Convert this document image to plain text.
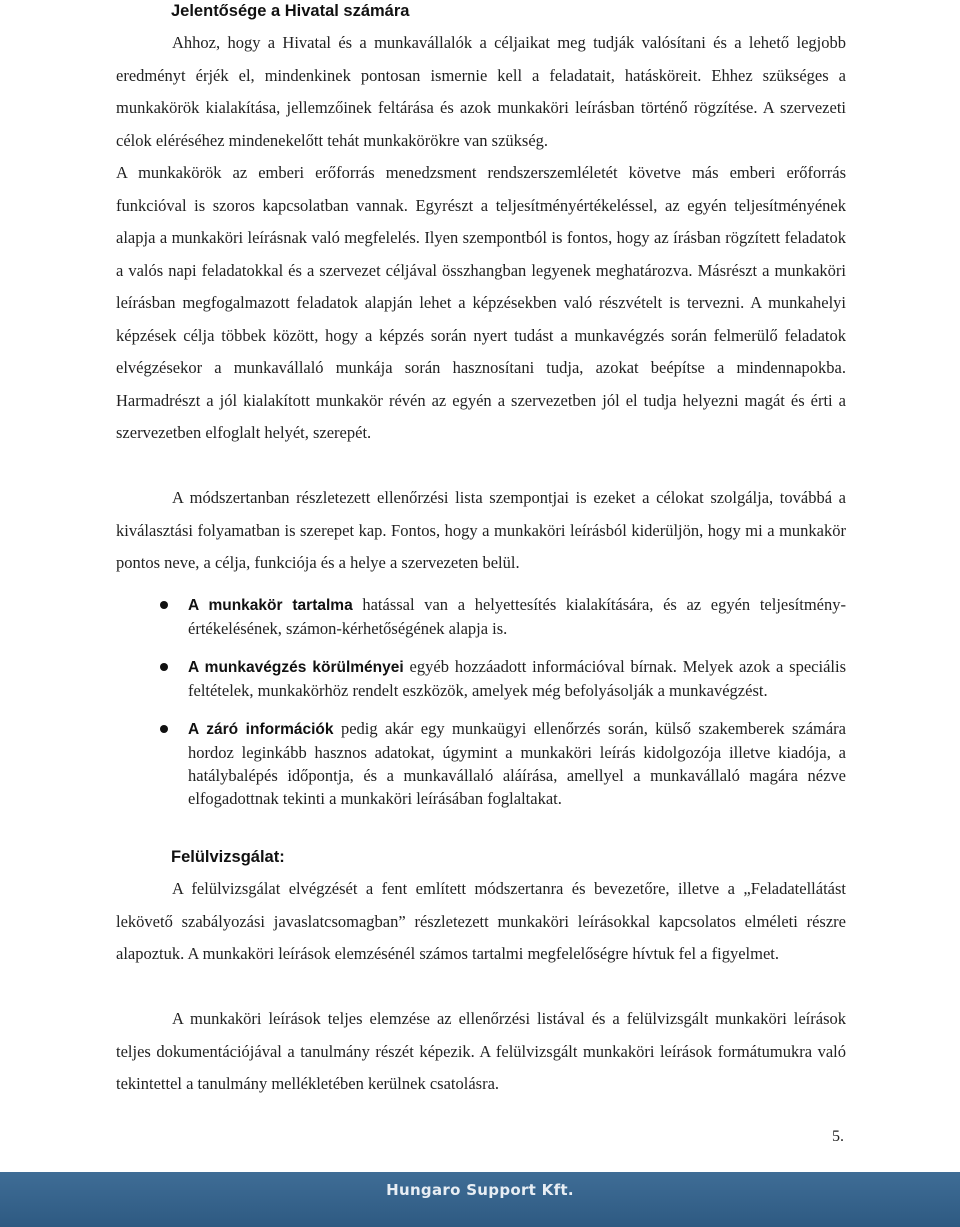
Jelentősége a Hivatal számára

Ahhoz, hogy a Hivatal és a munkavállalók a céljaikat meg tudják valósítani és a lehető legjobb eredményt érjék el, mindenkinek pontosan ismernie kell a feladatait, hatásköreit. Ehhez szükséges a munkakörök kialakítása, jellemzőinek feltárása és azok munkaköri leírásban történő rögzítése. A szervezeti célok eléréséhez mindenekelőtt tehát munkakörökre van szükség.

A munkakörök az emberi erőforrás menedzsment rendszerszemléletét követve más emberi erőforrás funkcióval is szoros kapcsolatban vannak. Egyrészt a teljesítményértékeléssel, az egyén teljesítményének alapja a munkaköri leírásnak való megfelelés. Ilyen szempontból is fontos, hogy az írásban rögzített feladatok a valós napi feladatokkal és a szervezet céljával összhangban legyenek meghatározva. Másrészt a munkaköri leírásban megfogalmazott feladatok alapján lehet a képzésekben való részvételt is tervezni. A munkahelyi képzések célja többek között, hogy a képzés során nyert tudást a munkavégzés során felmerülő feladatok elvégzésekor a munkavállaló munkája során hasznosítani tudja, azokat beépítse a mindennapokba. Harmadrészt a jól kialakított munkakör révén az egyén a szervezetben jól el tudja helyezni magát és érti a szervezetben elfoglalt helyét, szerepét.

A módszertanban részletezett ellenőrzési lista szempontjai is ezeket a célokat szolgálja, továbbá a kiválasztási folyamatban is szerepet kap. Fontos, hogy a munkaköri leírásból kiderüljön, hogy mi a munkakör pontos neve, a célja, funkciója és a helye a szervezeten belül.

A munkakör tartalma hatással van a helyettesítés kialakítására, és az egyén teljesítmény-értékelésének, számon-kérhetőségének alapja is.
A munkavégzés körülményei egyéb hozzáadott információval bírnak. Melyek azok a speciális feltételek, munkakörhöz rendelt eszközök, amelyek még befolyásolják a munkavégzést.
A záró információk pedig akár egy munkaügyi ellenőrzés során, külső szakemberek számára hordoz leginkább hasznos adatokat, úgymint a munkaköri leírás kidolgozója illetve kiadója, a hatálybalépés időpontja, és a munkavállaló aláírása, amellyel a munkavállaló magára nézve elfogadottnak tekinti a munkaköri leírásában foglaltakat.
Felülvizsgálat:

A felülvizsgálat elvégzését a fent említett módszertanra és bevezetőre, illetve a „Feladatellátást lekövető szabályozási javaslatcsomagban” részletezett munkaköri leírásokkal kapcsolatos elméleti részre alapoztuk. A munkaköri leírások elemzésénél számos tartalmi megfelelőségre hívtuk fel a figyelmet.

A munkaköri leírások teljes elemzése az ellenőrzési listával és a felülvizsgált munkaköri leírások teljes dokumentációjával a tanulmány részét képezik. A felülvizsgált munkaköri leírások formátumukra való tekintettel a tanulmány mellékletében kerülnek csatolásra.

5.
Hungaro Support Kft.
